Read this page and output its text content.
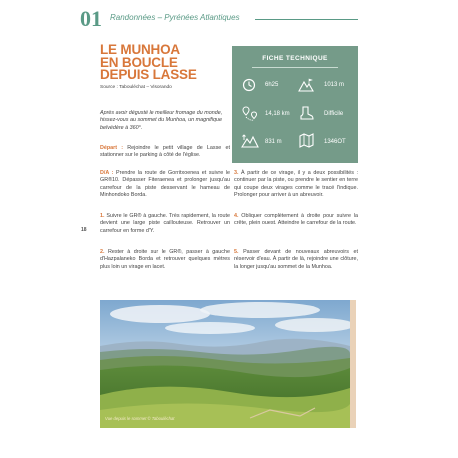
01 Randonnées – Pyrénées Atlantiques
LE MUNHOA
EN BOUCLE
DEPUIS LASSE
Source : Tabouléchat – Visorando
FICHE TECHNIQUE
6h25	1013 m
14,18 km	Difficile
831 m	1346OT
Après avoir dégusté le meilleur fromage du monde, hissez-vous au sommet du Munhoa, un magnifique belvédère à 360°.
Départ : Rejoindre le petit village de Lasse et stationner sur le parking à côté de l'église.
D/A : Prendre la route de Gorritxoenea et suivre le GR®10. Dépasser Fiteraenea et prolonger jusqu'au carrefour de la piste desservant le hameau de Minhondoko Borda.
1. Suivre le GR® à gauche. Très rapidement, la route devient une large piste caillouteuse. Retrouver un carrefour en forme d'Y.
2. Rester à droite sur le GR®, passer à gauche d'Hazpalaneko Borda et retrouver quelques mètres plus loin un virage en lacet.
3. À partir de ce virage, il y a deux possibilités : continuer par la piste, ou prendre le sentier en terre qui coupe deux virages comme le tracé l'indique. Prolonger pour arriver à un abreuvoir.
4. Obliquer complètement à droite pour suivre la crête, plein ouest. Atteindre le carrefour de la route.
5. Passer devant de nouveaux abreuvoirs et réservoir d'eau. À partir de là, rejoindre une clôture, la longer jusqu'au sommet de la Munhoa.
18
Vue depuis le sommet © Tabouléchat
